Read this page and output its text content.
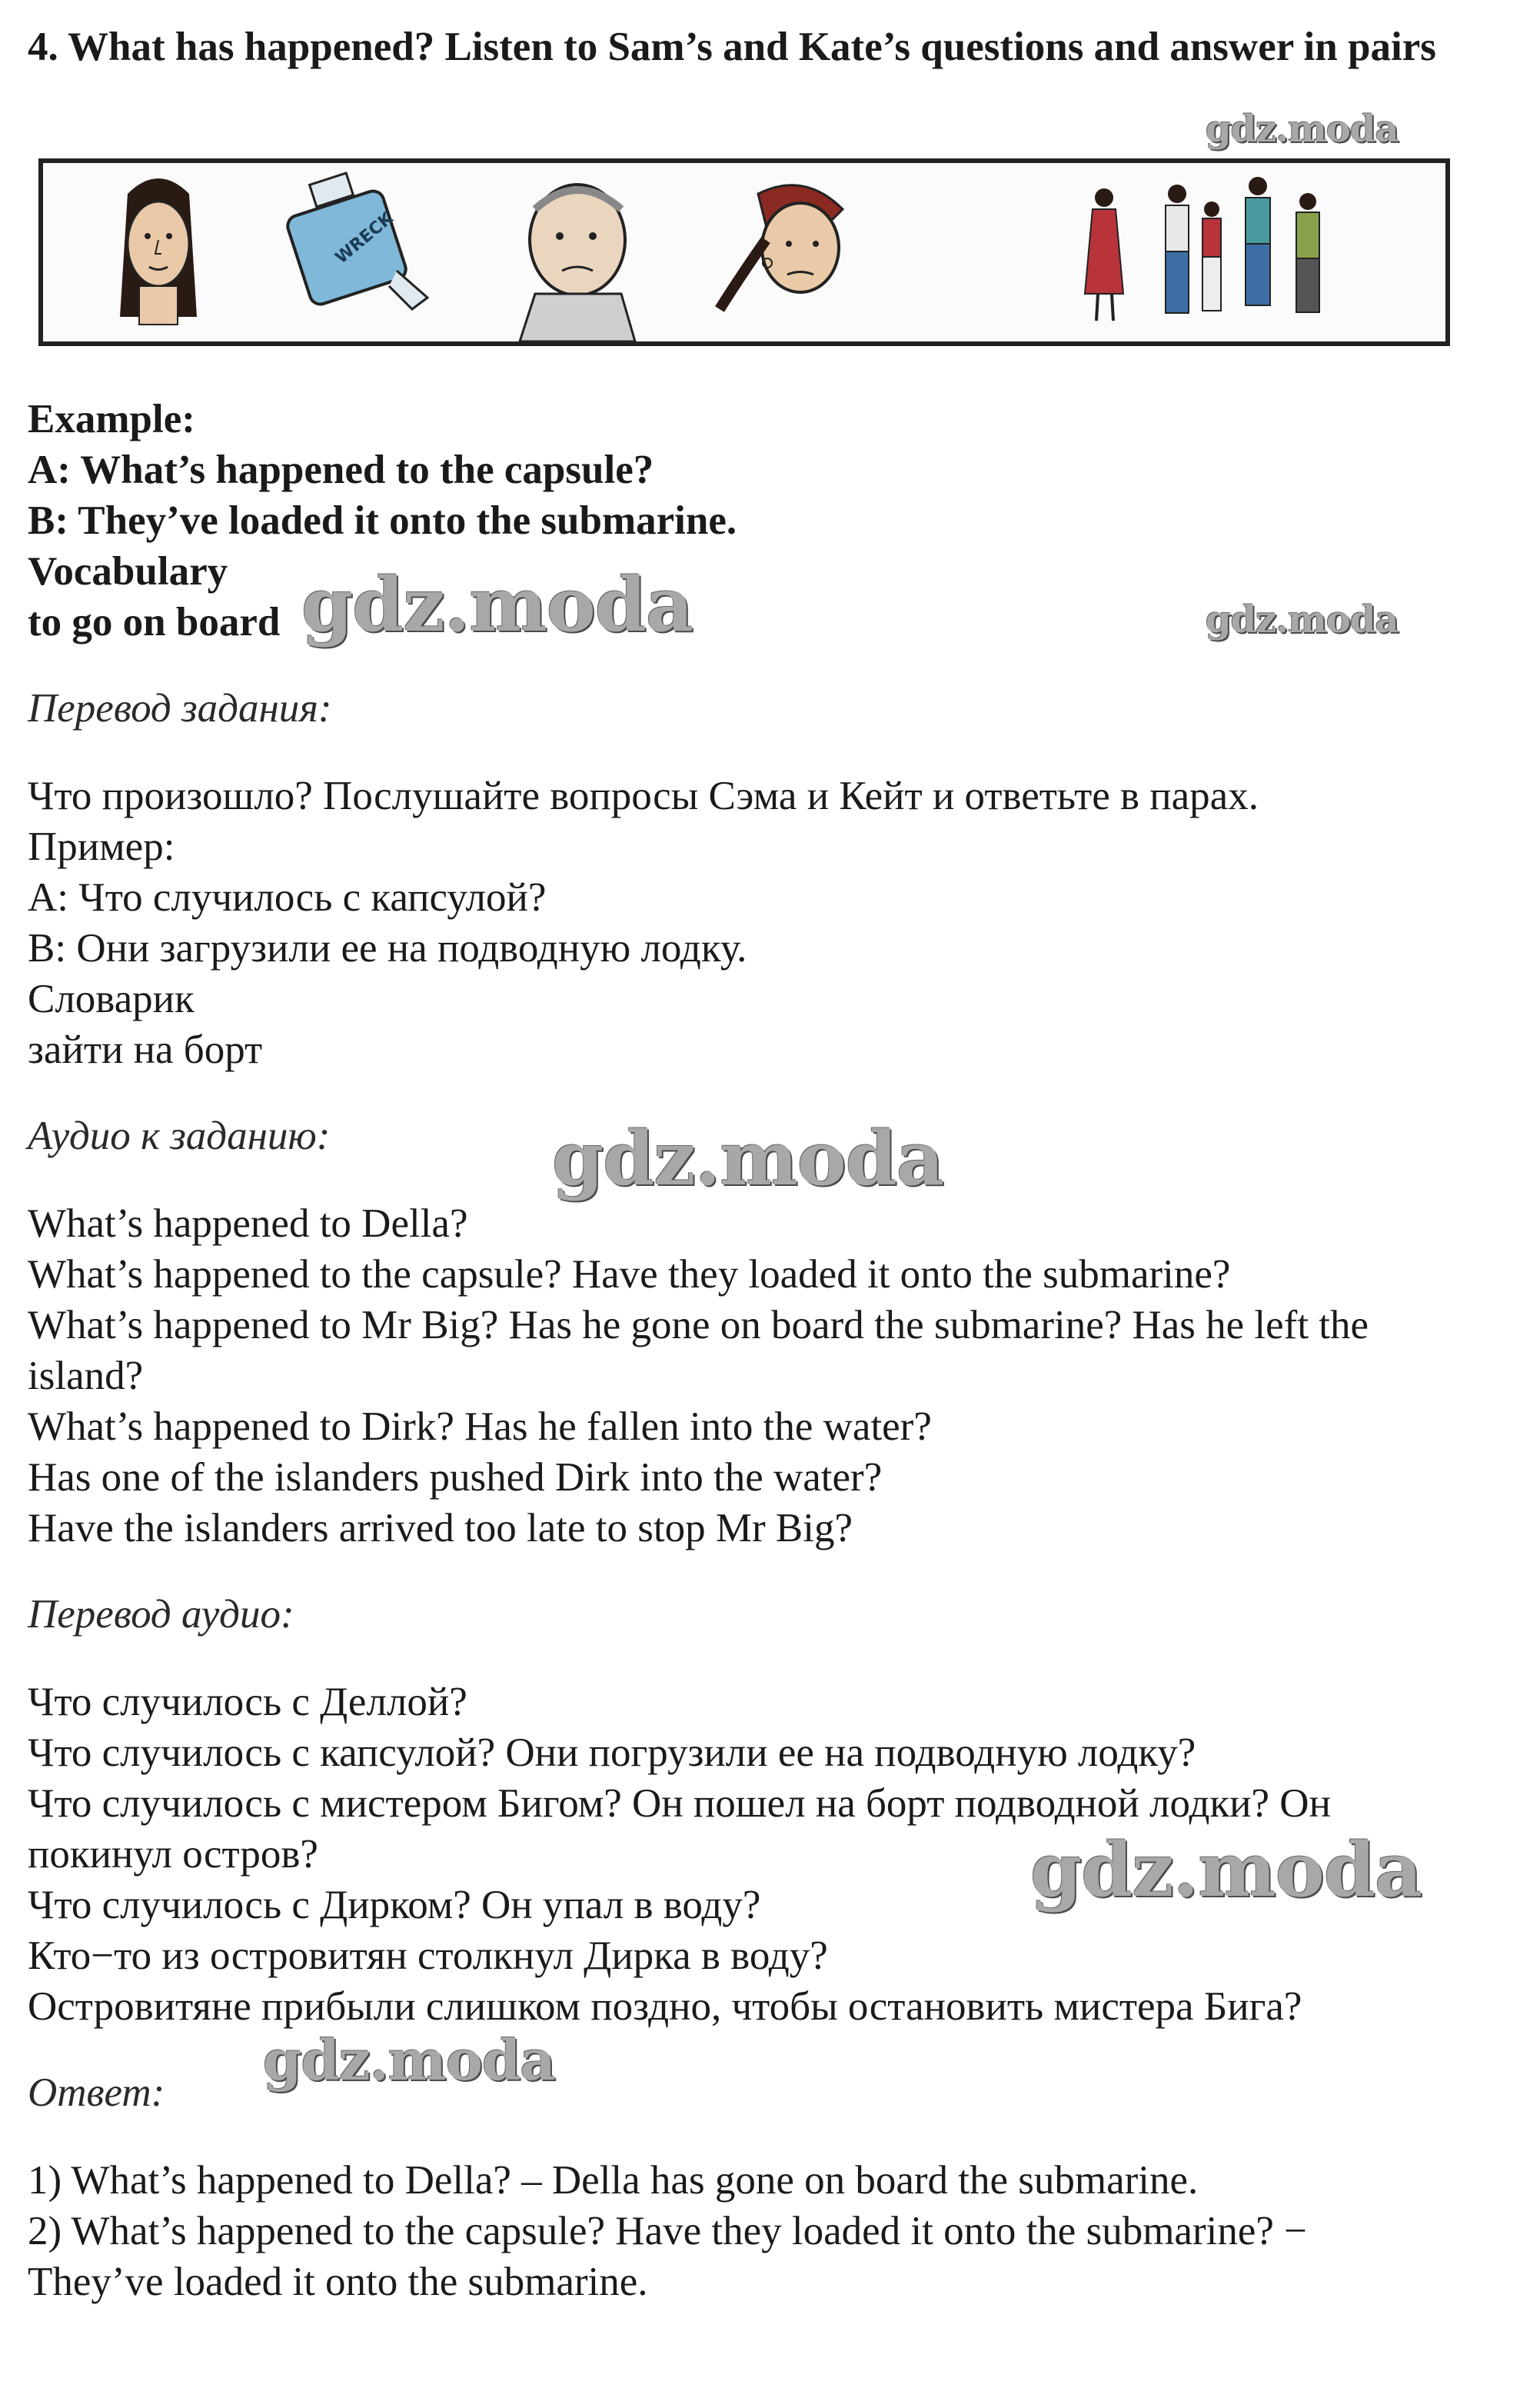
4. What has happened? Listen to Sam’s and Kate’s questions and answer in pairs
gdz.moda
WRECK
Example:
A: What’s happened to the capsule?
B: They’ve loaded it onto the submarine.
Vocabulary
to go on board gdz.moda	gdz.moda
Перевод задания:
Что произошло? Послушайте вопросы Сэма и Кейт и ответьте в парах.
Пример:
А: Что случилось с капсулой?
В: Они загрузили ее на подводную лодку.
Словарик
зайти на борт
Аудио к заданию:	gdz.moda
What’s happened to Della?
What’s happened to the capsule? Have they loaded it onto the submarine?
What’s happened to Mr Big? Has he gone on board the submarine? Has he left the
island?
What’s happened to Dirk? Has he fallen into the water?
Has one of the islanders pushed Dirk into the water?
Have the islanders arrived too late to stop Mr Big?
Перевод аудио:
Что случилось с Деллой?
Что случилось с капсулой? Они погрузили ее на подводную лодку?
Что случилось с мистером Бигом? Он пошел на борт подводной лодки? Он
покинул остров?
Что случилось с Дирком? Он упал в воду?
Кто−то из островитян столкнул Дирка в воду?
Островитяне прибыли слишком поздно, чтобы остановить мистера Бига?
gdz.moda
Ответ: gdz.moda
1) What’s happened to Della? – Della has gone on board the submarine.
2) What’s happened to the capsule? Have they loaded it onto the submarine? −
They’ve loaded it onto the submarine.
